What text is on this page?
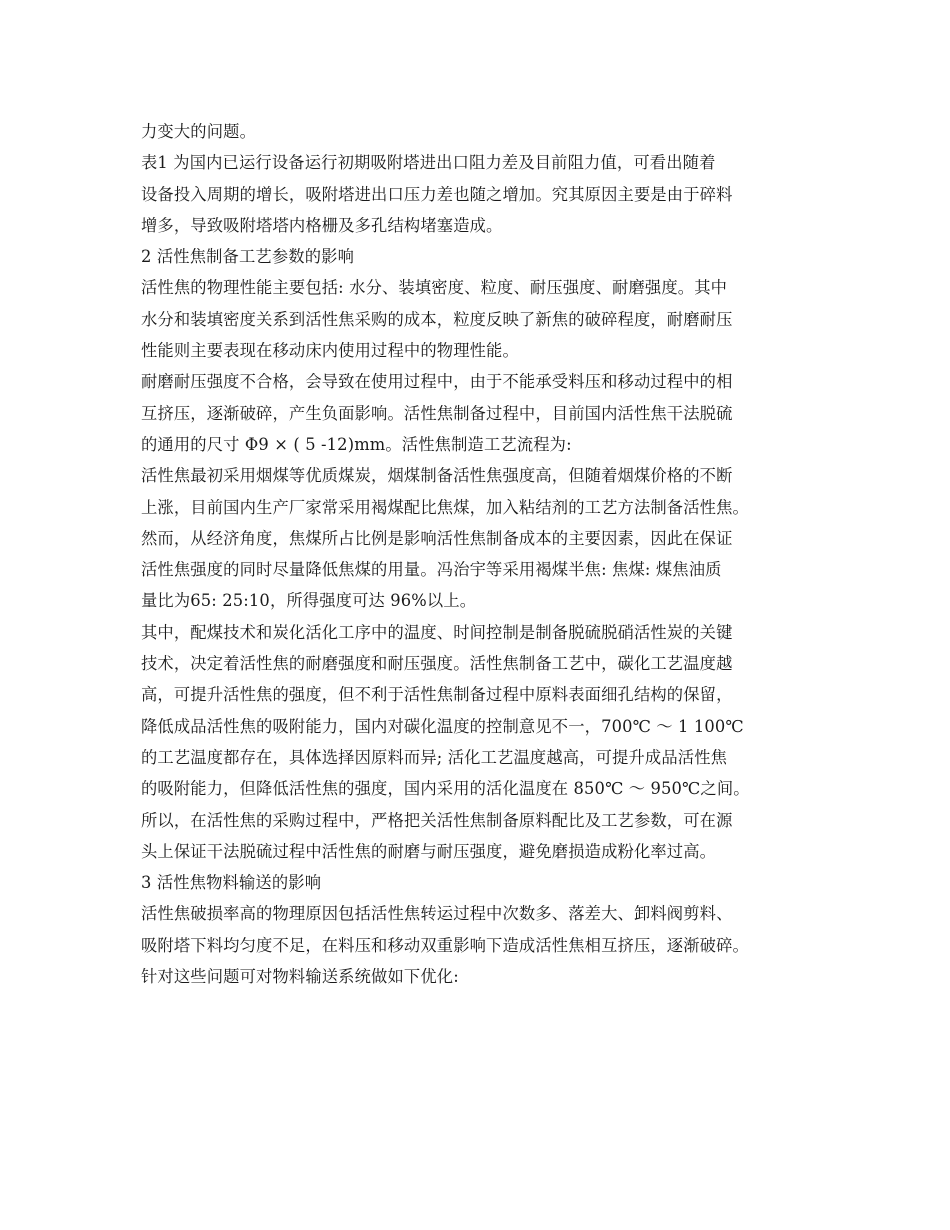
力变大的问题。
表1 为国内已运行设备运行初期吸附塔进出口阻力差及目前阻力值，可看出随着
设备投入周期的增长，吸附塔进出口压力差也随之增加。究其原因主要是由于碎料
增多，导致吸附塔塔内格栅及多孔结构堵塞造成。
2 活性焦制备工艺参数的影响
活性焦的物理性能主要包括: 水分、装填密度、粒度、耐压强度、耐磨强度。其中
水分和装填密度关系到活性焦采购的成本，粒度反映了新焦的破碎程度，耐磨耐压
性能则主要表现在移动床内使用过程中的物理性能。
耐磨耐压强度不合格，会导致在使用过程中，由于不能承受料压和移动过程中的相
互挤压，逐渐破碎，产生负面影响。活性焦制备过程中，目前国内活性焦干法脱硫
的通用的尺寸 Φ9 × ( 5 -12)mm。活性焦制造工艺流程为:
活性焦最初采用烟煤等优质煤炭，烟煤制备活性焦强度高，但随着烟煤价格的不断
上涨，目前国内生产厂家常采用褐煤配比焦煤，加入粘结剂的工艺方法制备活性焦。
然而，从经济角度，焦煤所占比例是影响活性焦制备成本的主要因素，因此在保证
活性焦强度的同时尽量降低焦煤的用量。冯治宇等采用褐煤半焦: 焦煤: 煤焦油质
量比为65: 25:10，所得强度可达 96%以上。
其中，配煤技术和炭化活化工序中的温度、时间控制是制备脱硫脱硝活性炭的关键
技术，决定着活性焦的耐磨强度和耐压强度。活性焦制备工艺中，碳化工艺温度越
高，可提升活性焦的强度，但不利于活性焦制备过程中原料表面细孔结构的保留，
降低成品活性焦的吸附能力，国内对碳化温度的控制意见不一，700℃ ～ 1 100℃
的工艺温度都存在，具体选择因原料而异; 活化工艺温度越高，可提升成品活性焦
的吸附能力，但降低活性焦的强度，国内采用的活化温度在 850℃ ～ 950℃之间。
所以，在活性焦的采购过程中，严格把关活性焦制备原料配比及工艺参数，可在源
头上保证干法脱硫过程中活性焦的耐磨与耐压强度，避免磨损造成粉化率过高。
3 活性焦物料输送的影响
活性焦破损率高的物理原因包括活性焦转运过程中次数多、落差大、卸料阀剪料、
吸附塔下料均匀度不足，在料压和移动双重影响下造成活性焦相互挤压，逐渐破碎。
针对这些问题可对物料输送系统做如下优化:
